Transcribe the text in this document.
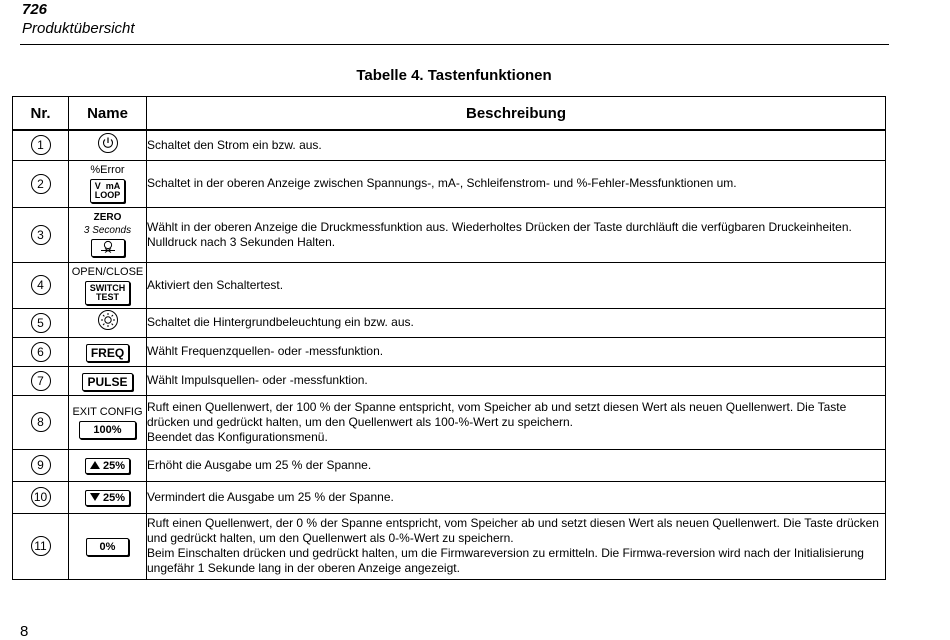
726
Produktübersicht
Tabelle 4. Tastenfunktionen
Nr.	Name	Beschreibung
1		Schaltet den Strom ein bzw. aus.

2	%Error
V  mA
LOOP	Schaltet in der oberen Anzeige zwischen Spannungs-, mA-, Schleifenstrom- und %-Fehler-Messfunktionen um.

3	ZERO
3 Seconds	Wählt in der oberen Anzeige die Druckmessfunktion aus. Wiederholtes Drücken der Taste durchläuft die verfügbaren Druckeinheiten.
Nulldruck nach 3 Sekunden Halten.

4	OPEN/CLOSE
SWITCH
TEST	Aktiviert den Schaltertest.

5		Schaltet die Hintergrundbeleuchtung ein bzw. aus.

6	FREQ	Wählt Frequenzquellen- oder -messfunktion.

7	PULSE	Wählt Impulsquellen- oder -messfunktion.

8	EXIT CONFIG
100%	Ruft einen Quellenwert, der 100 % der Spanne entspricht, vom Speicher ab und setzt diesen Wert als neuen Quellenwert. Die Taste drücken und gedrückt halten, um den Quellenwert als 100-%-Wert zu speichern.
Beendet das Konfigurationsmenü.

9	25%	Erhöht die Ausgabe um 25 % der Spanne.

10	25%	Vermindert die Ausgabe um 25 % der Spanne.

11	0%	Ruft einen Quellenwert, der 0 % der Spanne entspricht, vom Speicher ab und setzt diesen Wert als neuen Quellenwert. Die Taste drücken und gedrückt halten, um den Quellenwert als 0-%-Wert zu speichern.
Beim Einschalten drücken und gedrückt halten, um die Firmwareversion zu ermitteln. Die Firmwa-reversion wird nach der Initialisierung ungefähr 1 Sekunde lang in der oberen Anzeige angezeigt.
8
